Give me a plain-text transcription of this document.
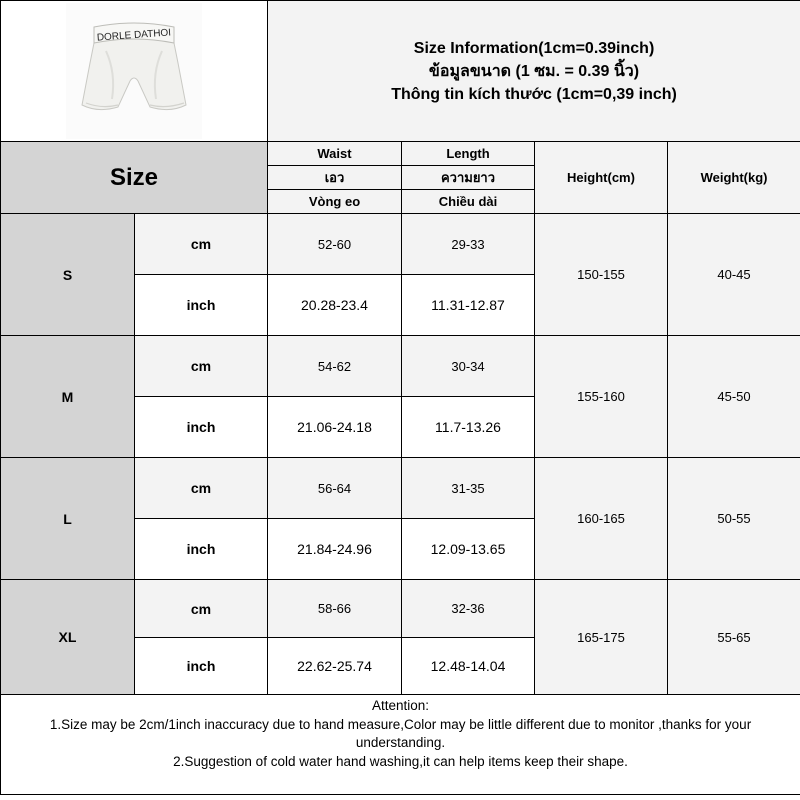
DORLE DATHOI		Size Information(1cm=0.39inch)
ข้อมูลขนาด (1 ซม. = 0.39 นิ้ว)
Thông tin kích thước (1cm=0,39 inch)			

Size		Waist	Length	Height(cm)	Weight(kg)
		เอว	ความยาว		
		Vòng eo	Chiều dài		
S	cm	52-60	29-33	150-155	40-45
	inch	20.28-23.4	11.31-12.87		
M	cm	54-62	30-34	155-160	45-50
	inch	21.06-24.18	11.7-13.26		
L	cm	56-64	31-35	160-165	50-55
	inch	21.84-24.96	12.09-13.65		
XL	cm	58-66	32-36	165-175	55-65
	inch	22.62-25.74	12.48-14.04		

Attention:
1.Size may be 2cm/1inch inaccuracy due to hand measure,Color may be little different due to monitor ,thanks for your understanding.
2.Suggestion of cold water hand washing,it can help items keep their shape.					
